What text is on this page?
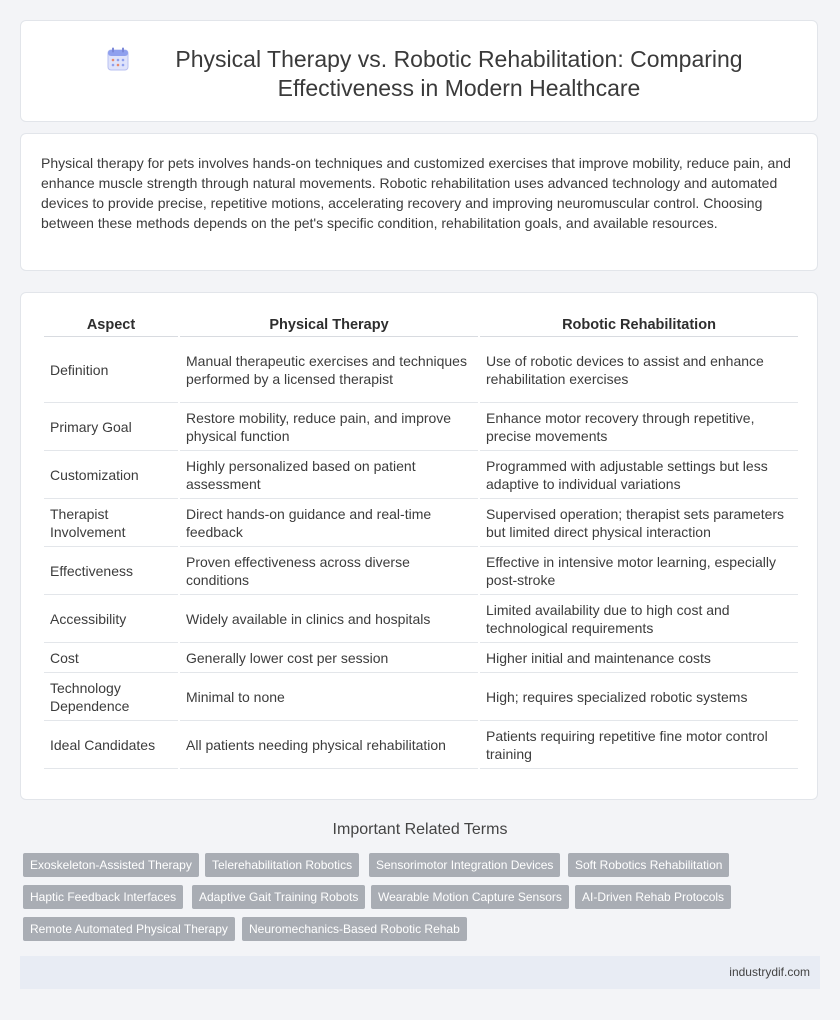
Physical Therapy vs. Robotic Rehabilitation: Comparing Effectiveness in Modern Healthcare
Physical therapy for pets involves hands-on techniques and customized exercises that improve mobility, reduce pain, and enhance muscle strength through natural movements. Robotic rehabilitation uses advanced technology and automated devices to provide precise, repetitive motions, accelerating recovery and improving neuromuscular control. Choosing between these methods depends on the pet's specific condition, rehabilitation goals, and available resources.
Aspect	Physical Therapy	Robotic Rehabilitation
Definition	Manual therapeutic exercises and techniques performed by a licensed therapist	Use of robotic devices to assist and enhance rehabilitation exercises
Primary Goal	Restore mobility, reduce pain, and improve physical function	Enhance motor recovery through repetitive, precise movements
Customization	Highly personalized based on patient assessment	Programmed with adjustable settings but less adaptive to individual variations
Therapist Involvement	Direct hands-on guidance and real-time feedback	Supervised operation; therapist sets parameters but limited direct physical interaction
Effectiveness	Proven effectiveness across diverse conditions	Effective in intensive motor learning, especially post-stroke
Accessibility	Widely available in clinics and hospitals	Limited availability due to high cost and technological requirements
Cost	Generally lower cost per session	Higher initial and maintenance costs
Technology Dependence	Minimal to none	High; requires specialized robotic systems
Ideal Candidates	All patients needing physical rehabilitation	Patients requiring repetitive fine motor control training
Important Related Terms
Exoskeleton-Assisted Therapy	Telerehabilitation Robotics	Sensorimotor Integration Devices	Soft Robotics Rehabilitation
Haptic Feedback Interfaces	Adaptive Gait Training Robots	Wearable Motion Capture Sensors	AI-Driven Rehab Protocols
Remote Automated Physical Therapy	Neuromechanics-Based Robotic Rehab
industrydif.com
